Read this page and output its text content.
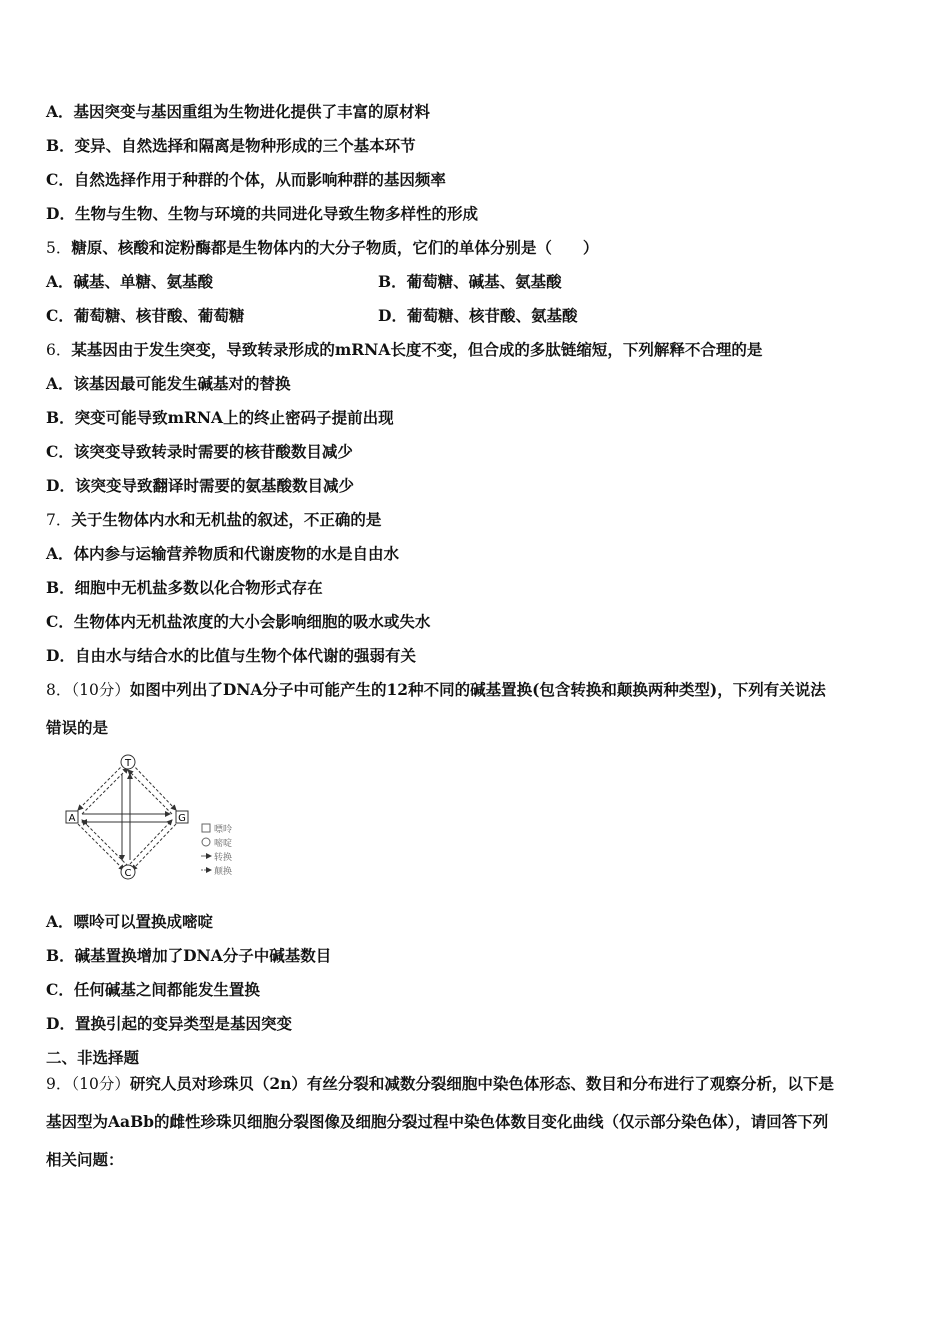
A．基因突变与基因重组为生物进化提供了丰富的原材料
B．变异、自然选择和隔离是物种形成的三个基本环节
C．自然选择作用于种群的个体，从而影响种群的基因频率
D．生物与生物、生物与环境的共同进化导致生物多样性的形成
5．糖原、核酸和淀粉酶都是生物体内的大分子物质，它们的单体分别是（　　）
A．碱基、单糖、氨基酸	B．葡萄糖、碱基、氨基酸
C．葡萄糖、核苷酸、葡萄糖	D．葡萄糖、核苷酸、氨基酸
6．某基因由于发生突变，导致转录形成的mRNA长度不变，但合成的多肽链缩短，下列解释不合理的是
A．该基因最可能发生碱基对的替换
B．突变可能导致mRNA上的终止密码子提前出现
C．该突变导致转录时需要的核苷酸数目减少
D．该突变导致翻译时需要的氨基酸数目减少
7．关于生物体内水和无机盐的叙述，不正确的是
A．体内参与运输营养物质和代谢废物的水是自由水
B．细胞中无机盐多数以化合物形式存在
C．生物体内无机盐浓度的大小会影响细胞的吸水或失水
D．自由水与结合水的比值与生物个体代谢的强弱有关
8．（10分）如图中列出了DNA分子中可能产生的12种不同的碱基置换(包含转换和颠换两种类型)，下列有关说法
错误的是
T
A	G
C
嘌呤
嘧啶
转换
颠换
A．嘌呤可以置换成嘧啶
B．碱基置换增加了DNA分子中碱基数目
C．任何碱基之间都能发生置换
D．置换引起的变异类型是基因突变
二、非选择题
9．（10分）研究人员对珍珠贝（2n）有丝分裂和减数分裂细胞中染色体形态、数目和分布进行了观察分析，以下是
基因型为AaBb的雌性珍珠贝细胞分裂图像及细胞分裂过程中染色体数目变化曲线（仅示部分染色体），请回答下列
相关问题：
